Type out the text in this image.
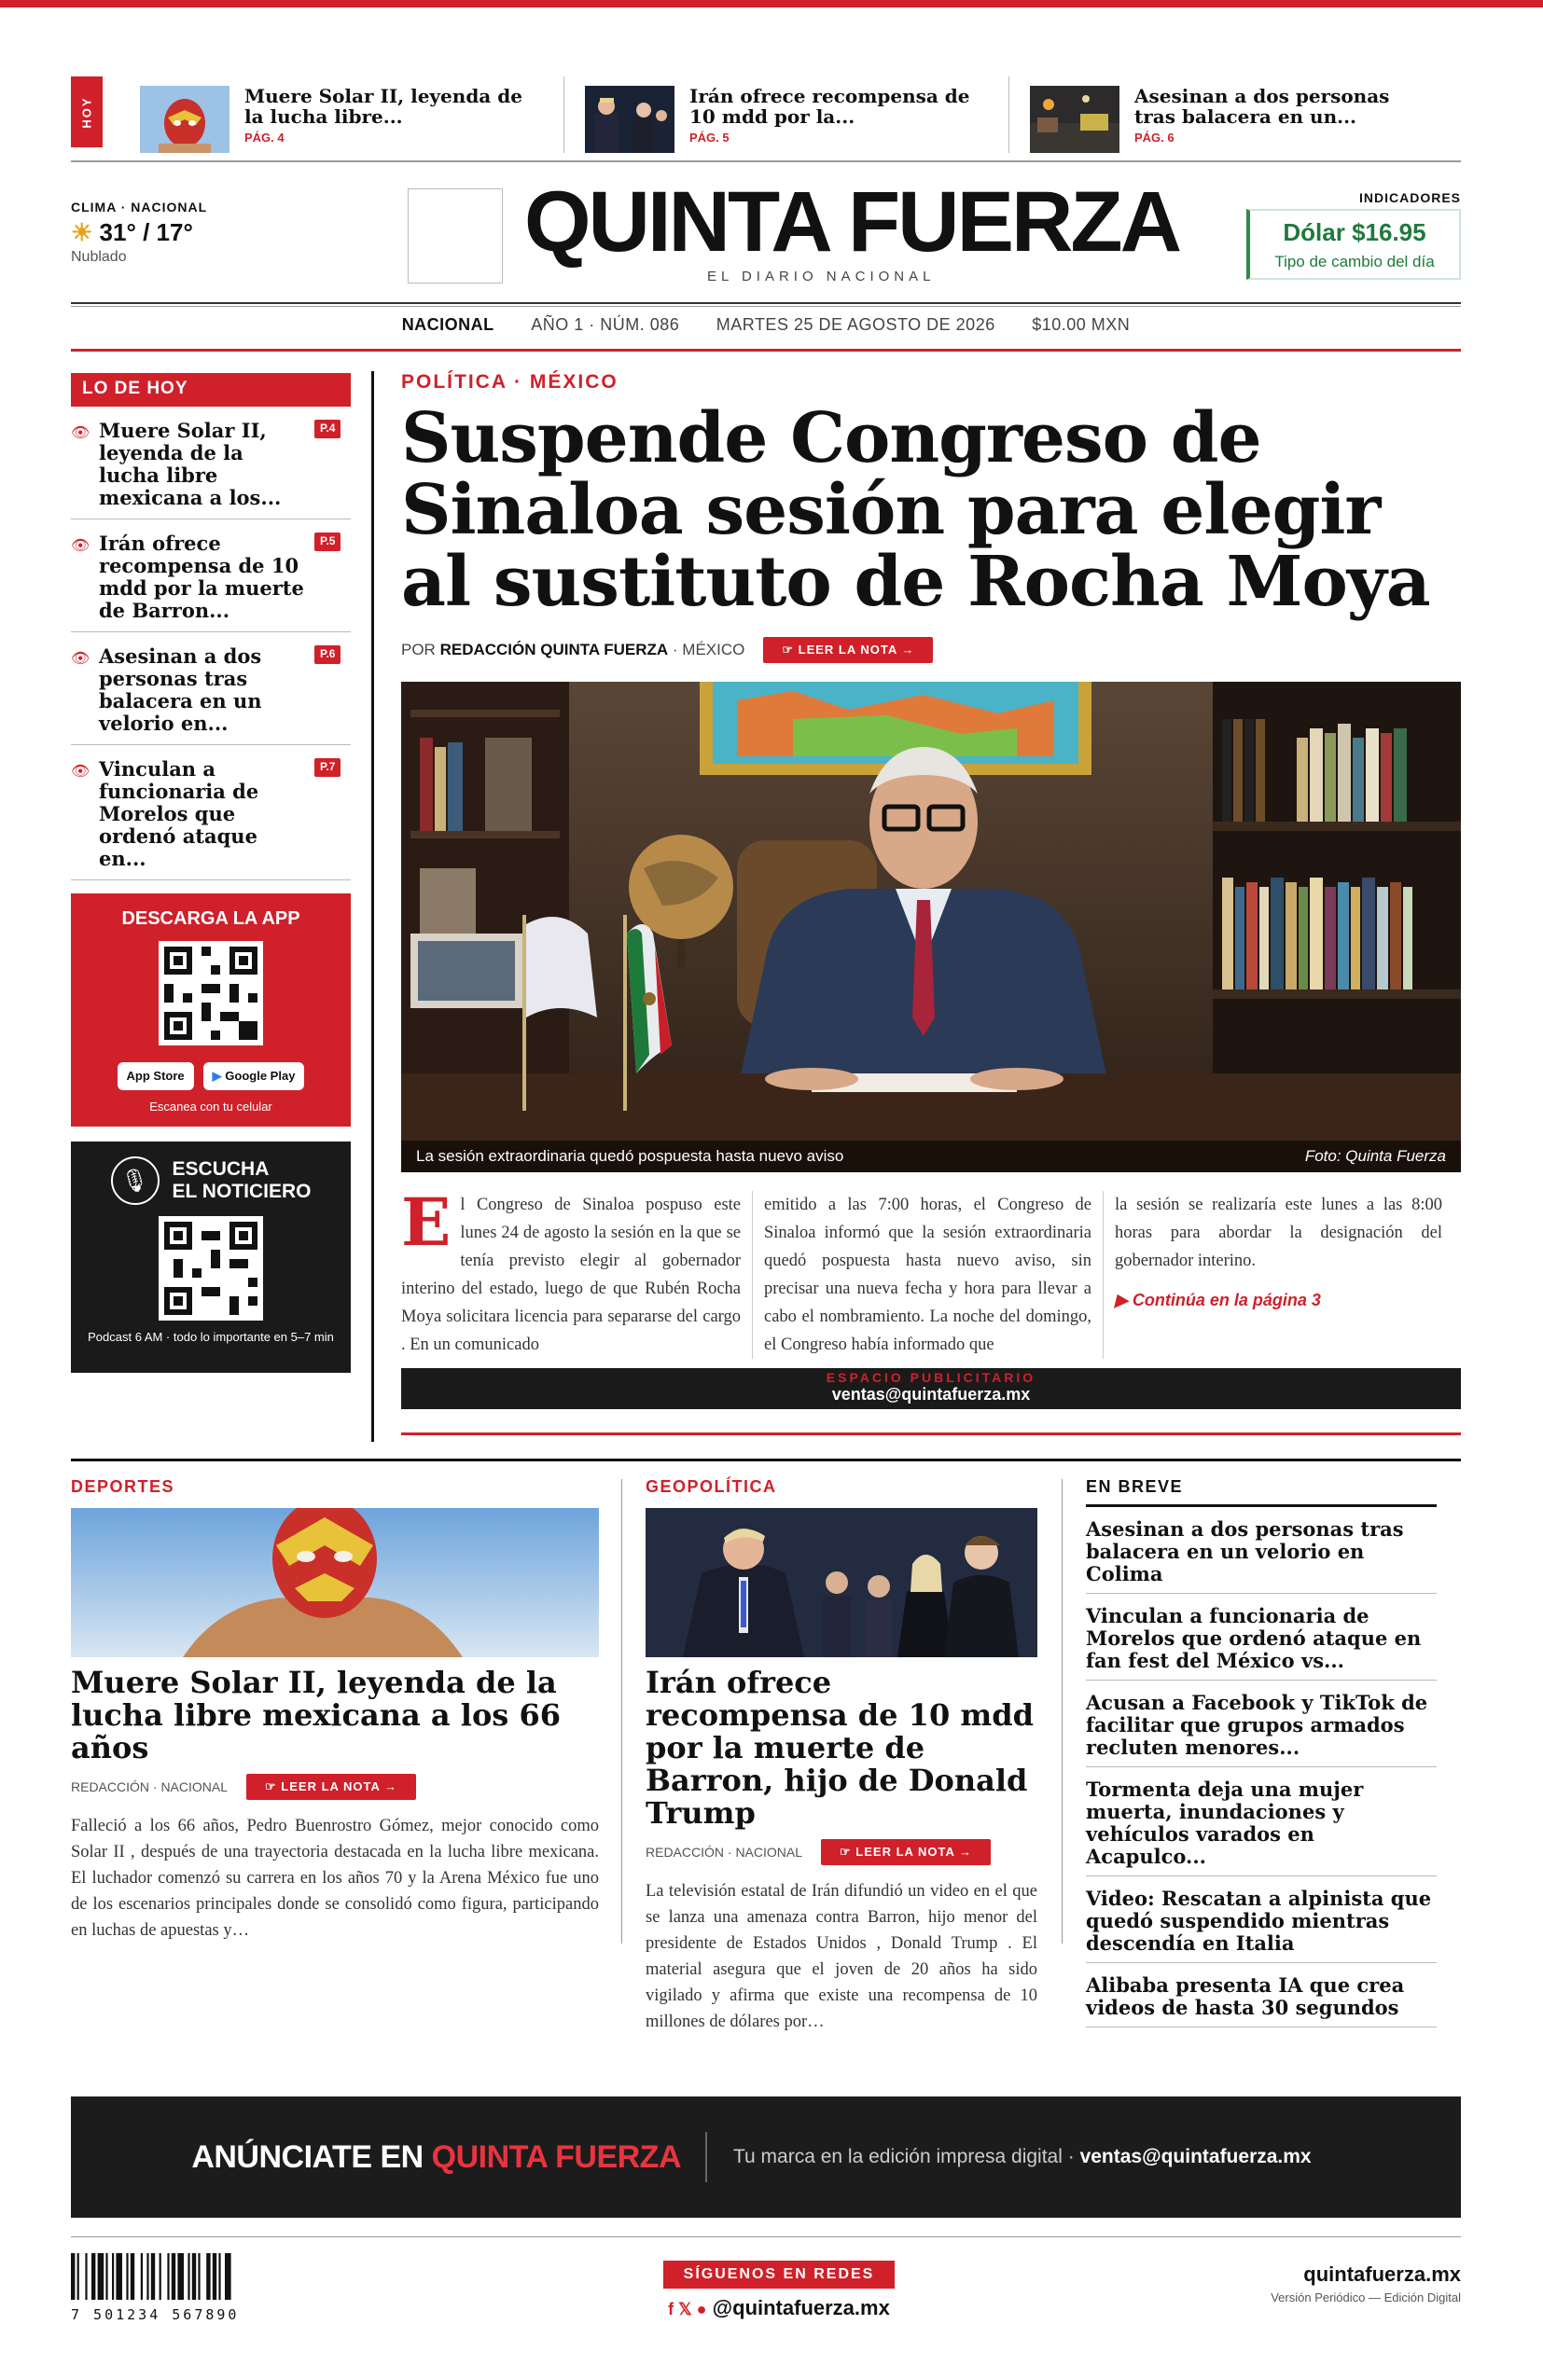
HOY	Muere Solar II, leyenda de la lucha libre...
PÁG. 4
Irán ofrece recompensa de 10 mdd por la...
PÁG. 5
Asesinan a dos personas tras balacera en un...
PÁG. 6
CLIMA · NACIONAL
☀ 31° / 17°
Nublado	QUINTA FUERZA
EL DIARIO NACIONAL
INDICADORES
Dólar $16.95
Tipo de cambio del día
NACIONAL AÑO 1 · NÚM. 086 MARTES 25 DE AGOSTO DE 2026 $10.00 MXN
LO DE HOY
👁 Muere Solar II, leyenda de la lucha libre mexicana a los...
P.4
👁 Irán ofrece recompensa de 10 mdd por la muerte de Barron...
P.5
👁 Asesinan a dos personas tras balacera en un velorio en...
P.6
👁 Vinculan a funcionaria de Morelos que ordenó ataque en...
P.7
DESCARGA LA APP
App Store	▶ Google Play
Escanea con tu celular
🎙	ESCUCHA
EL NOTICIERO
Podcast 6 AM · todo lo importante en 5–7 min
POLÍTICA · MÉXICO
Suspende Congreso de Sinaloa sesión para elegir al sustituto de Rocha Moya
POR
REDACCIÓN QUINTA FUERZA
· MÉXICO	☞ LEER LA NOTA →
La sesión extraordinaria quedó pospuesta hasta nuevo aviso	Foto: Quinta Fuerza
El Congreso de Sinaloa pospuso este lunes 24 de agosto la sesión en la que se tenía previsto elegir al gobernador interino del estado, luego de que Rubén Rocha Moya solicitara licencia para separarse del cargo . En un comunicado
emitido a las 7:00 horas, el Congreso de Sinaloa informó que la sesión extraordinaria quedó pospuesta hasta nuevo aviso, sin precisar una nueva fecha y hora para llevar a cabo el nombramiento. La noche del domingo, el Congreso había informado que
la sesión se realizaría este lunes a las 8:00 horas para abordar la designación del gobernador interino.
▶ Continúa en la página 3
ESPACIO PUBLICITARIO
ventas@quintafuerza.mx
DEPORTES
Muere Solar II, leyenda de la lucha libre mexicana a los 66 años
REDACCIÓN · NACIONAL	☞ LEER LA NOTA →
Falleció a los 66 años, Pedro Buenrostro Gómez, mejor conocido como Solar II , después de una trayectoria destacada en la lucha libre mexicana. El luchador comenzó su carrera en los años 70 y la Arena México fue uno de los escenarios principales donde se consolidó como figura, participando en luchas de apuestas y…
GEOPOLÍTICA
Irán ofrece recompensa de 10 mdd por la muerte de Barron, hijo de Donald Trump
REDACCIÓN · NACIONAL	☞ LEER LA NOTA →
La televisión estatal de Irán difundió un video en el que se lanza una amenaza contra Barron, hijo menor del presidente de Estados Unidos , Donald Trump . El material asegura que el joven de 20 años ha sido vigilado y afirma que existe una recompensa de 10 millones de dólares por…
EN BREVE
Asesinan a dos personas tras balacera en un velorio en Colima
Vinculan a funcionaria de Morelos que ordenó ataque en fan fest del México vs...
Acusan a Facebook y TikTok de facilitar que grupos armados recluten menores...
Tormenta deja una mujer muerta, inundaciones y vehículos varados en Acapulco...
Video: Rescatan a alpinista que quedó suspendido mientras descendía en Italia
Alibaba presenta IA que crea videos de hasta 30 segundos
ANÚNCIATE EN QUINTA FUERZA	Tu marca en la edición impresa digital · ventas@quintafuerza.mx
7 501234 567890
SÍGUENOS EN REDES
f 𝕏 ● @quintafuerza.mx
quintafuerza.mx
Versión Periódico — Edición Digital
